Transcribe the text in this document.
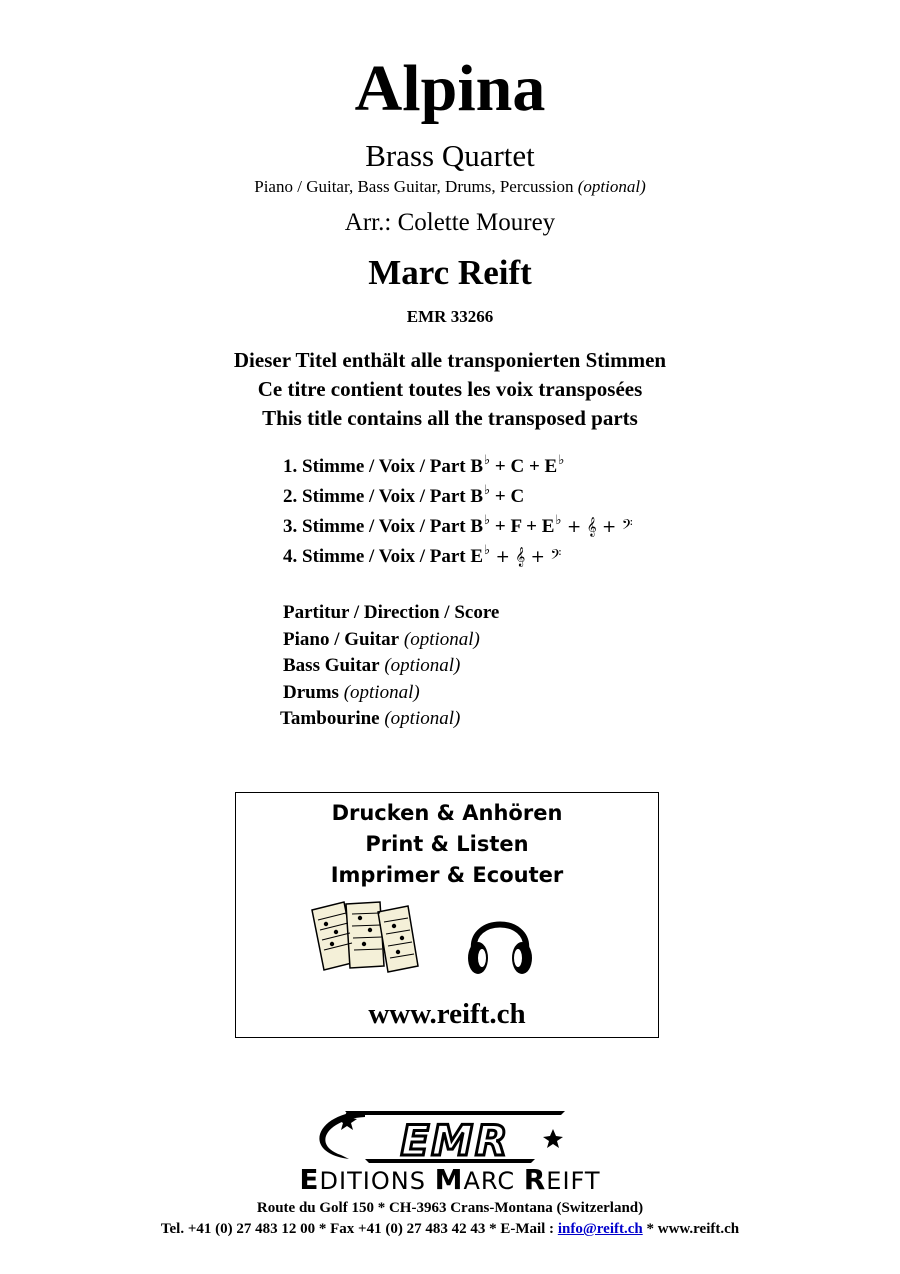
Alpina
Brass Quartet
Piano / Guitar, Bass Guitar, Drums, Percussion (optional)
Arr.: Colette Mourey
Marc Reift
EMR 33266
Dieser Titel enthält alle transponierten Stimmen
Ce titre contient toutes les voix transposées
This title contains all the transposed parts
1. Stimme / Voix / Part B♭ + C + E♭
2. Stimme / Voix / Part B♭ + C
3. Stimme / Voix / Part B♭ + F + E♭ + 𝄞 + 𝄢
4. Stimme / Voix / Part E♭ + 𝄞 + 𝄢
Partitur / Direction / Score
Piano / Guitar (optional)
Bass Guitar (optional)
Drums (optional)
Tambourine (optional)
Drucken & Anhören
Print & Listen
Imprimer & Ecouter
www.reift.ch
EMR
EDITIONS MARC REIFT
Route du Golf 150 * CH-3963 Crans-Montana (Switzerland)
Tel. +41 (0) 27 483 12 00 * Fax +41 (0) 27 483 42 43 * E-Mail : info@reift.ch * www.reift.ch
